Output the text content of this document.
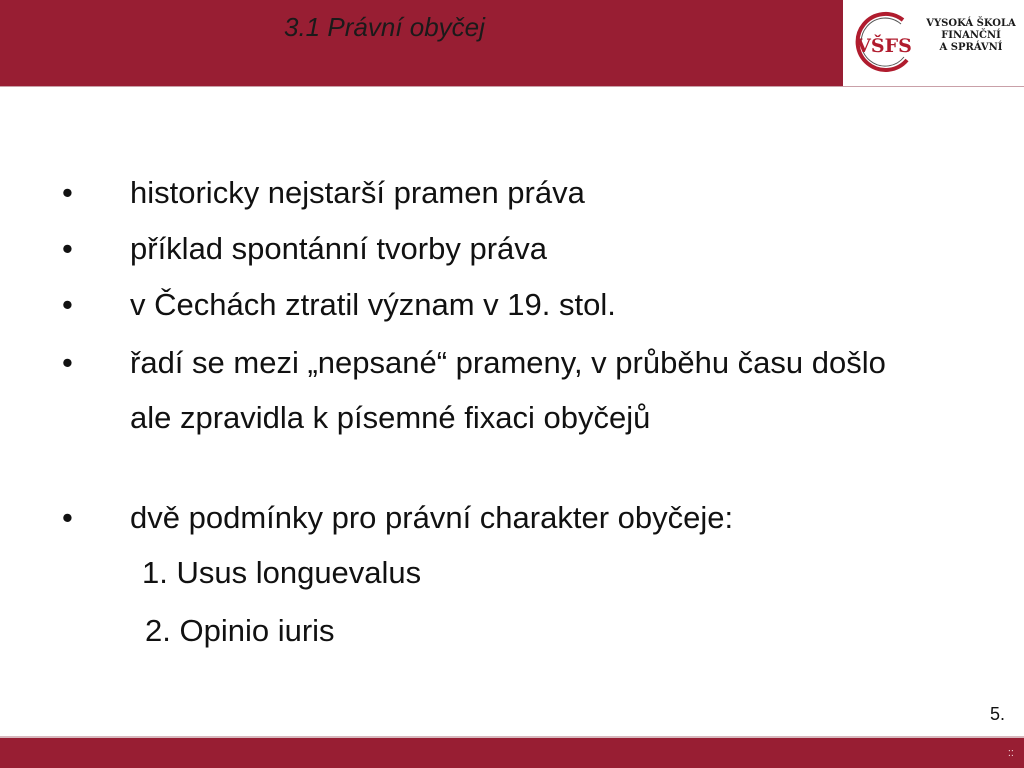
3.1 Právní obyčej
VŠFS
VYSOKÁ ŠKOLA
FINANČNÍ
A SPRÁVNÍ
• historicky nejstarší pramen práva
• příklad spontánní tvorby práva
• v Čechách ztratil význam v 19. stol.
• řadí se mezi „nepsané“ prameny, v průběhu času došlo ale zpravidla k písemné fixaci obyčejů
• dvě podmínky pro právní charakter obyčeje:
1. Usus longuevalus
2. Opinio iuris
5.
::
